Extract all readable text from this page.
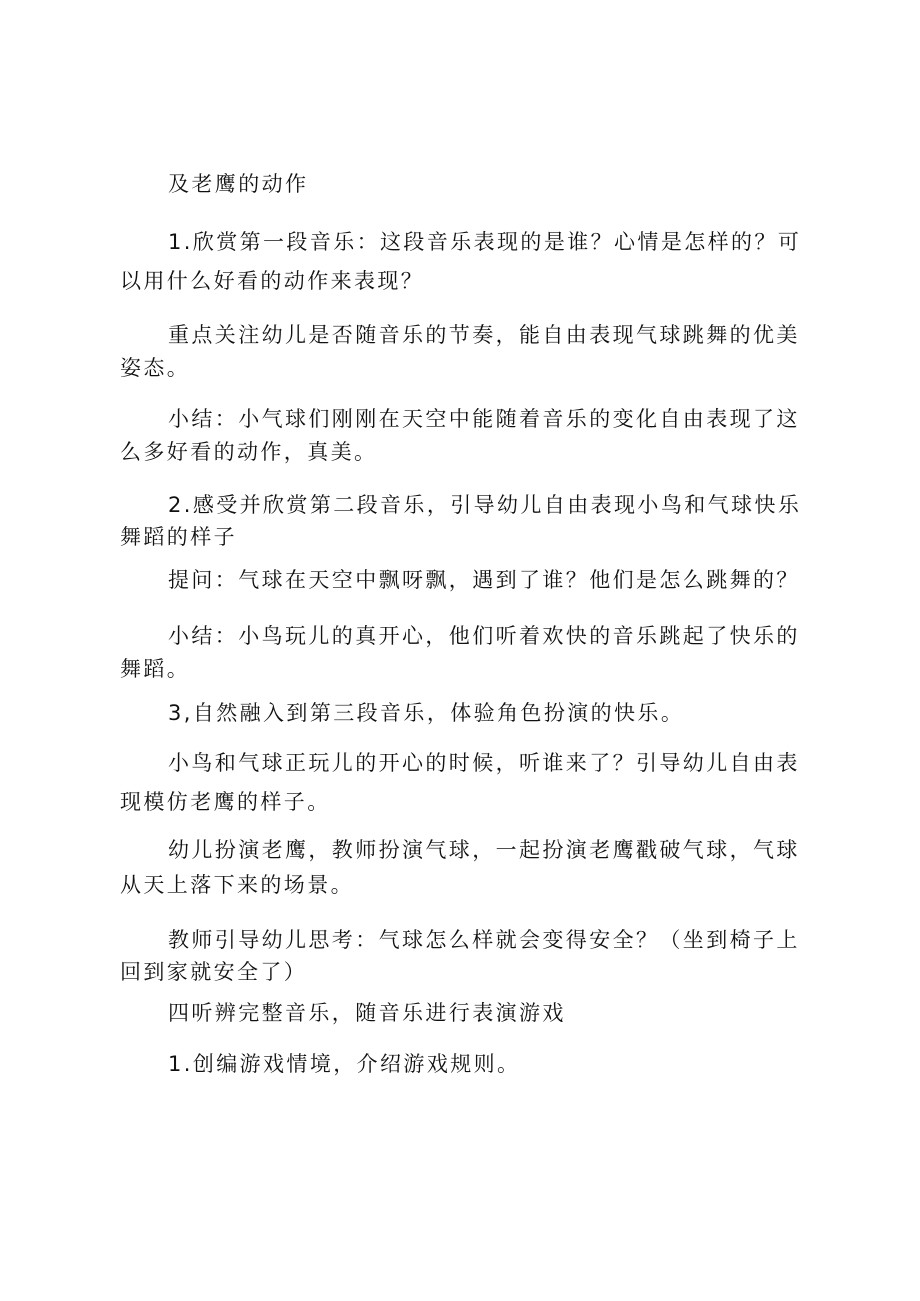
及老鹰的动作
1.欣赏第一段音乐：这段音乐表现的是谁？心情是怎样的？可
以用什么好看的动作来表现？
重点关注幼儿是否随音乐的节奏，能自由表现气球跳舞的优美
姿态。
小结：小气球们刚刚在天空中能随着音乐的变化自由表现了这
么多好看的动作，真美。
2.感受并欣赏第二段音乐，引导幼儿自由表现小鸟和气球快乐
舞蹈的样子
提问：气球在天空中飘呀飘，遇到了谁？他们是怎么跳舞的？
小结：小鸟玩儿的真开心，他们听着欢快的音乐跳起了快乐的
舞蹈。
3,自然融入到第三段音乐，体验角色扮演的快乐。
小鸟和气球正玩儿的开心的时候，听谁来了？引导幼儿自由表
现模仿老鹰的样子。
幼儿扮演老鹰，教师扮演气球，一起扮演老鹰戳破气球，气球
从天上落下来的场景。
教师引导幼儿思考：气球怎么样就会变得安全？（坐到椅子上
回到家就安全了）
四听辨完整音乐，随音乐进行表演游戏
1.创编游戏情境，介绍游戏规则。
